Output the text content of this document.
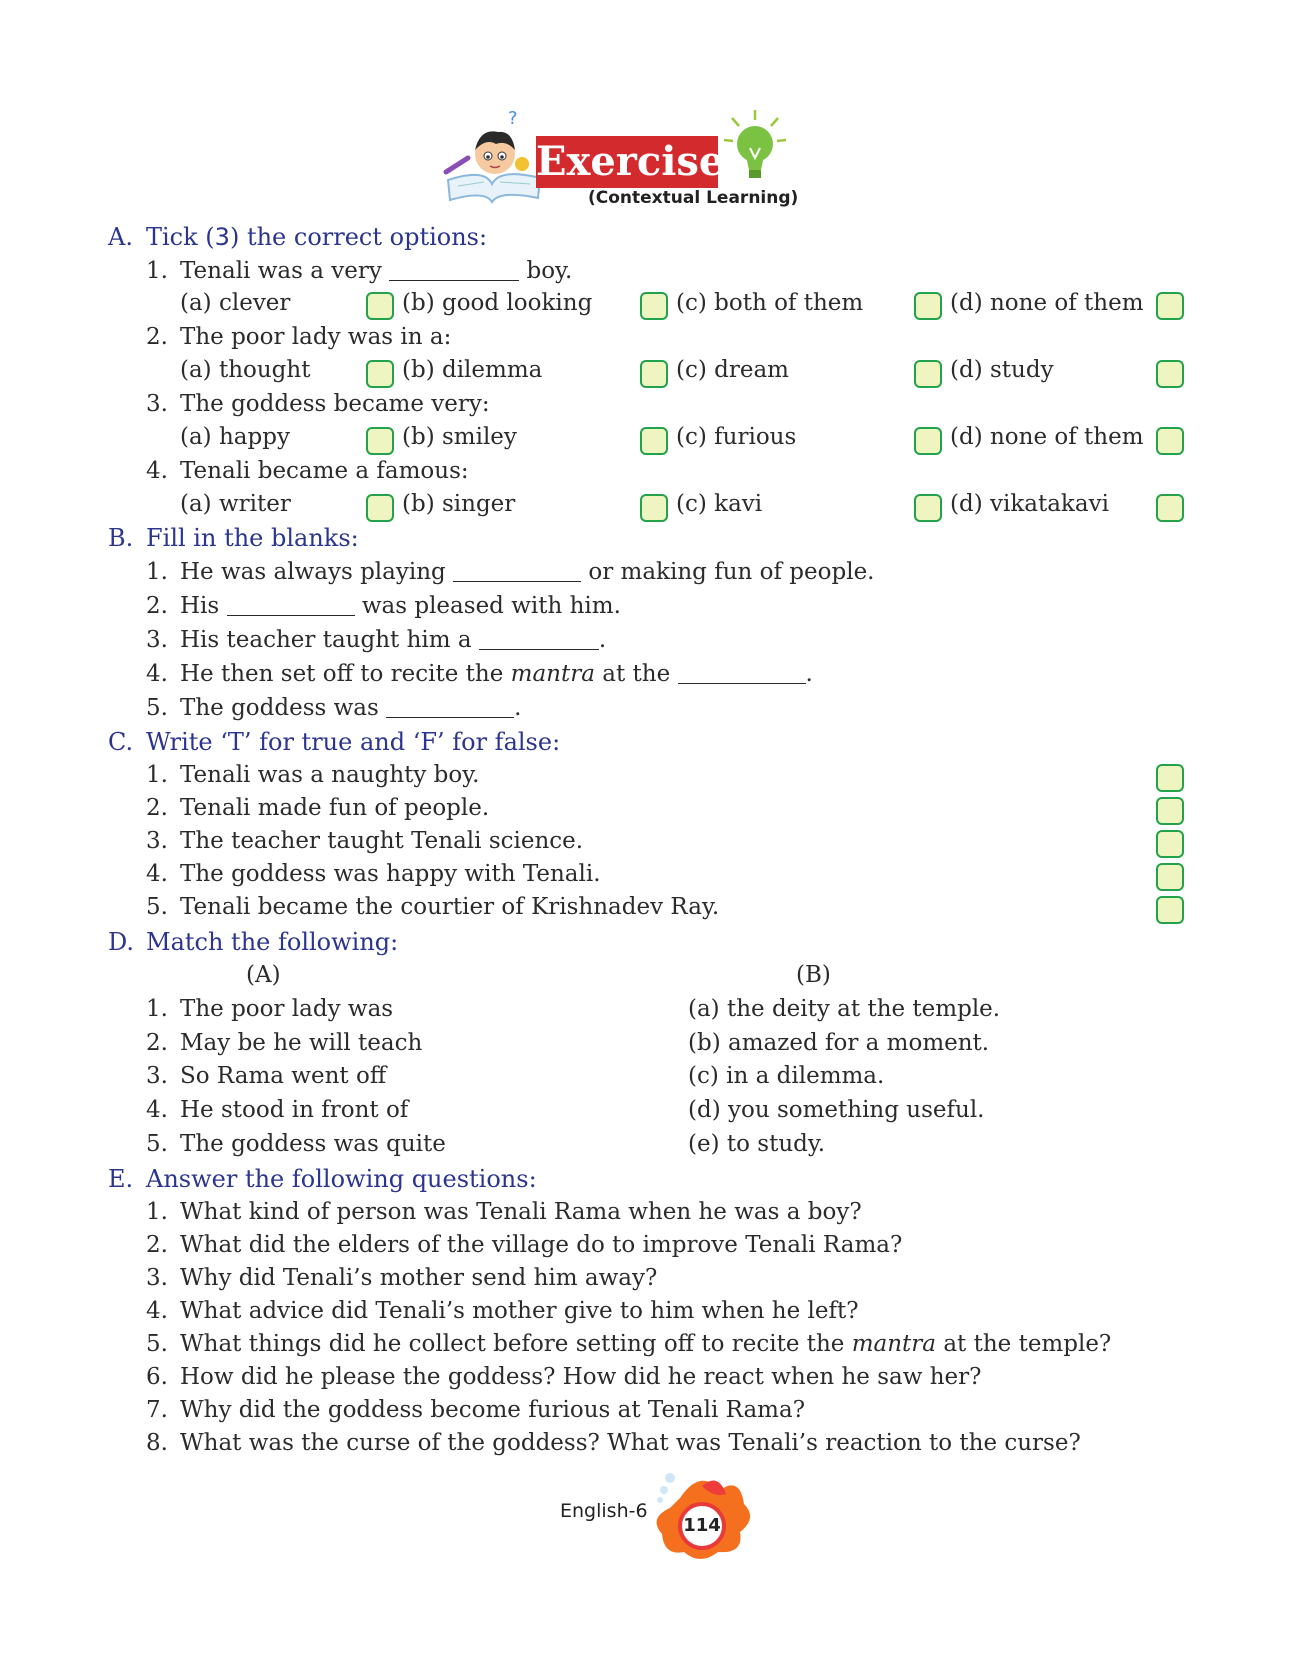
?
Exercise
(Contextual Learning)
A. Tick (3) the correct options:
1. Tenali was a very	boy.
(a) clever	(b) good looking	(c) both of them	(d) none of them
2. The poor lady was in a:
(a) thought	(b) dilemma	(c) dream	(d) study
3. The goddess became very:
(a) happy	(b) smiley	(c) furious	(d) none of them
4. Tenali became a famous:
(a) writer	(b) singer	(c) kavi	(d) vikatakavi
B. Fill in the blanks:
1. He was always playing	or making fun of people.
2. His	was pleased with him.
3. His teacher taught him a	.
4. He then set off to recite the mantra at the	.
5. The goddess was	.
C. Write ‘T’ for true and ‘F’ for false:
1. Tenali was a naughty boy.
2. Tenali made fun of people.
3. The teacher taught Tenali science.
4. The goddess was happy with Tenali.
5. Tenali became the courtier of Krishnadev Ray.
D. Match the following:
(A)	(B)
1. The poor lady was	(a) the deity at the temple.
2. May be he will teach	(b) amazed for a moment.
3. So Rama went off	(c) in a dilemma.
4. He stood in front of	(d) you something useful.
5. The goddess was quite	(e) to study.
E. Answer the following questions:
1. What kind of person was Tenali Rama when he was a boy?
2. What did the elders of the village do to improve Tenali Rama?
3. Why did Tenali’s mother send him away?
4. What advice did Tenali’s mother give to him when he left?
5. What things did he collect before setting off to recite the mantra at the temple?
6. How did he please the goddess? How did he react when he saw her?
7. Why did the goddess become furious at Tenali Rama?
8. What was the curse of the goddess? What was Tenali’s reaction to the curse?
English-6
114
